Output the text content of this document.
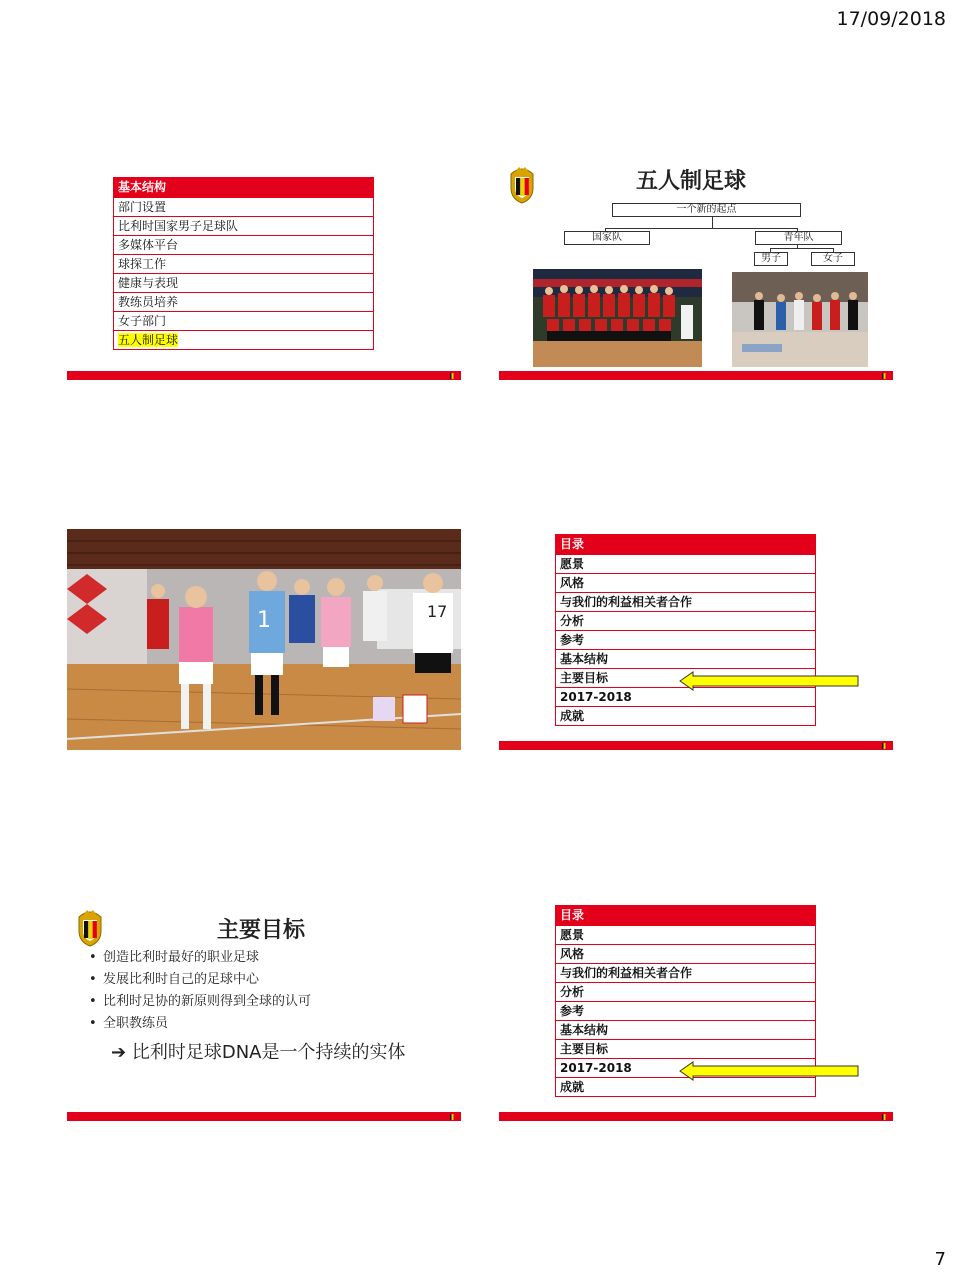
17/09/2018
基本结构
部门设置
比利时国家男子足球队
多媒体平台
球探工作
健康与表现
教练员培养
女子部门
五人制足球
五人制足球
一个新的起点
国家队	青年队
男子	女子
1	17
目录
愿景
风格
与我们的利益相关者合作
分析
参考
基本结构
主要目标
2017-2018
成就
主要目标
• 创造比利时最好的职业足球
• 发展比利时自己的足球中心
• 比利时足协的新原则得到全球的认可
• 全职教练员
➔ 比利时足球DNA是一个持续的实体
目录
愿景
风格
与我们的利益相关者合作
分析
参考
基本结构
主要目标
2017-2018
成就
7
